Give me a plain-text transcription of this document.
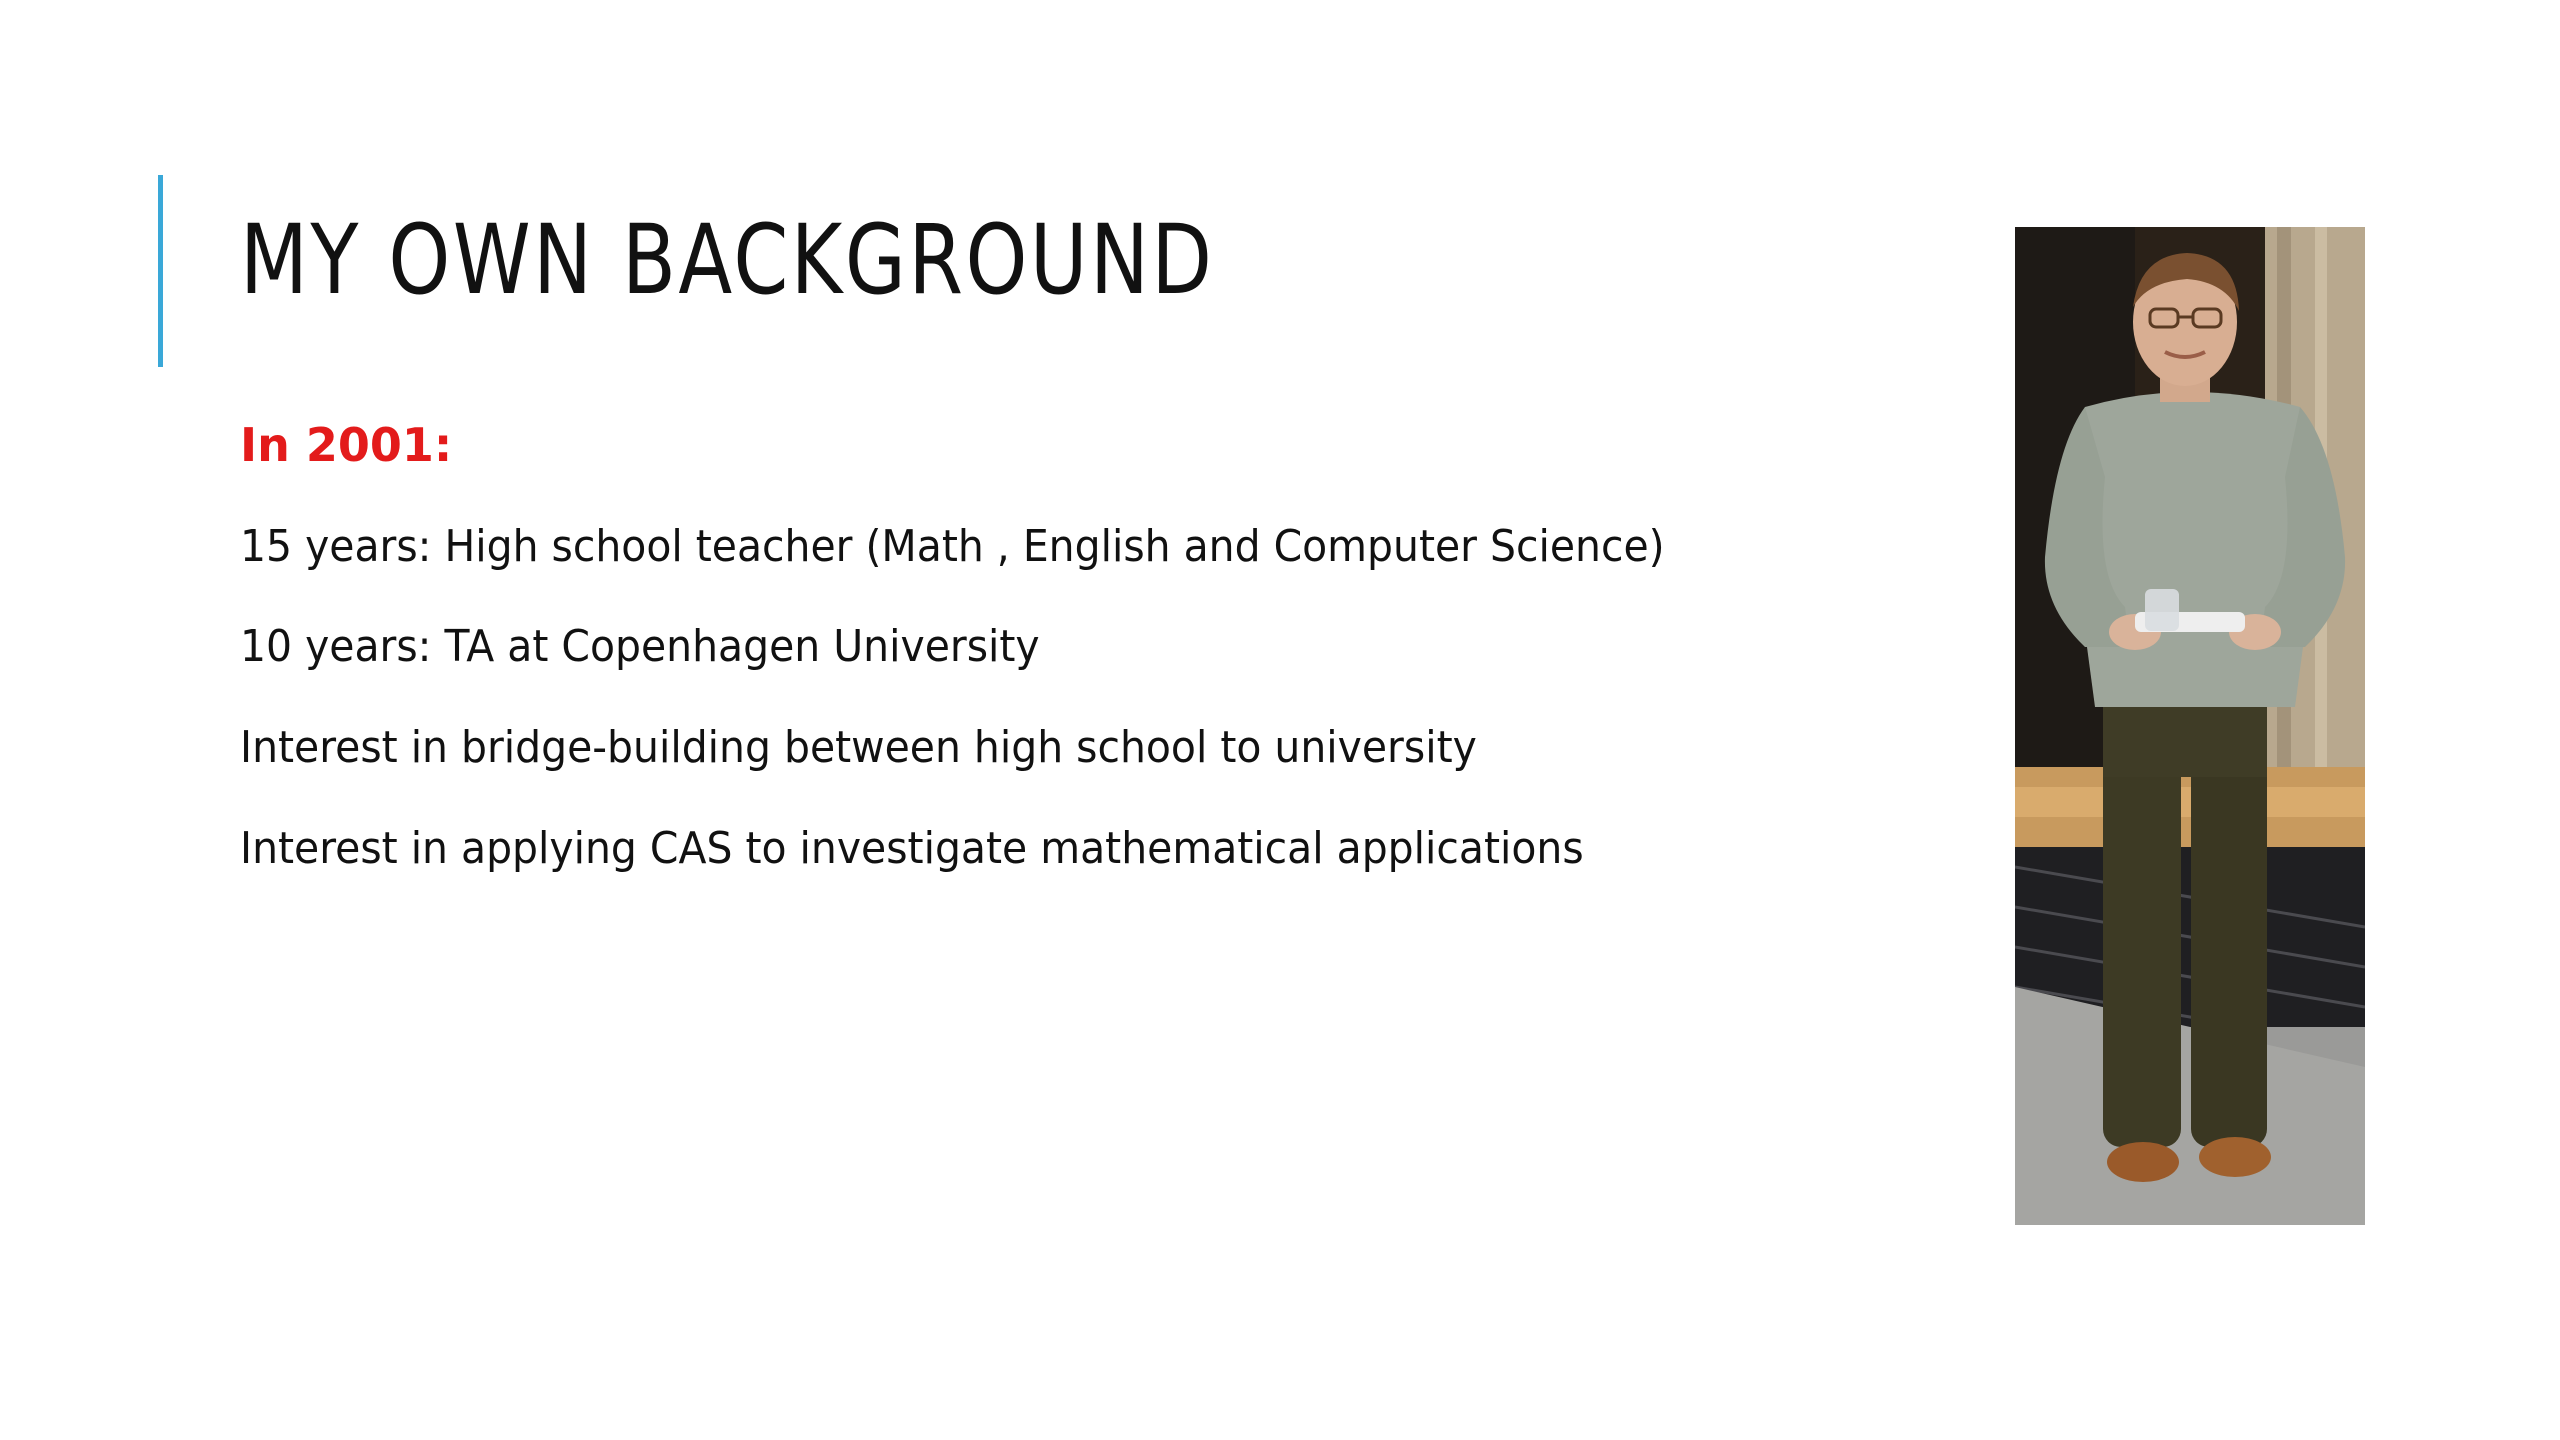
MY OWN BACKGROUND
In 2001:
15 years: High school teacher (Math , English and Computer Science)
10 years: TA at Copenhagen University
Interest in bridge-building between high school to university
Interest in applying CAS to investigate mathematical applications
